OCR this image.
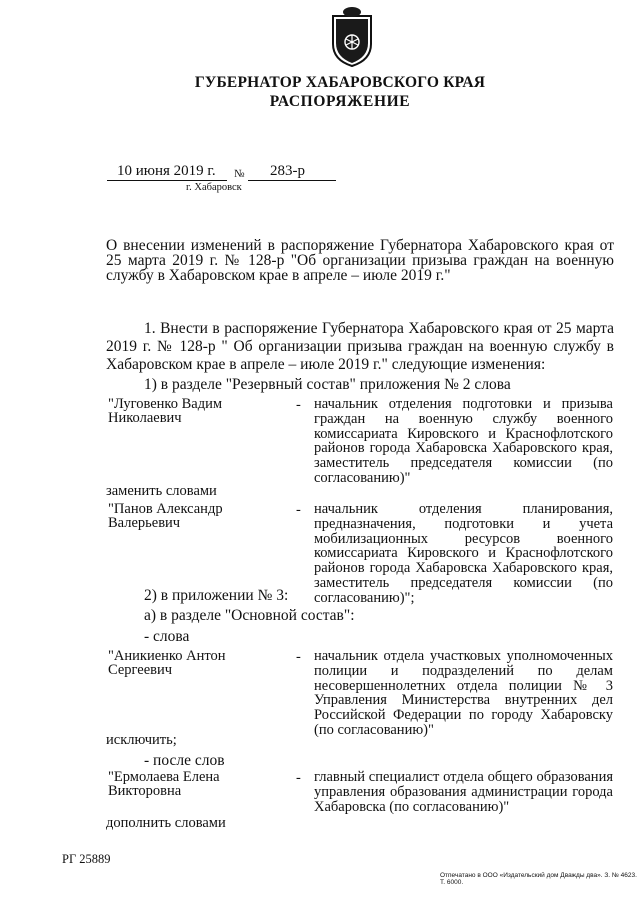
ГУБЕРНАТОР ХАБАРОВСКОГО КРАЯ
РАСПОРЯЖЕНИЕ
10 июня 2019 г. № 283-р
г. Хабаровск
О внесении изменений в распоряжение Губернатора Хабаровского края от 25 марта 2019 г. № 128-р "Об организации призыва граждан на военную службу в Хабаровском крае в апреле – июле 2019 г."
1. Внести в распоряжение Губернатора Хабаровского края от 25 марта 2019 г. № 128-р " Об организации призыва граждан на военную службу в Хабаровском крае в апреле – июле 2019 г." следующие изменения:
1) в разделе "Резервный состав" приложения № 2 слова
"Луговенко Вадим Николаевич
- начальник отделения подготовки и призыва граждан на военную службу военного комиссариата Кировского и Краснофлотского районов города Хабаровска Хабаровского края, заместитель председателя комиссии (по согласованию)"
заменить словами
"Панов Александр Валерьевич
- начальник отделения планирования, предназначения, подготовки и учета мобилизационных ресурсов военного комиссариата Кировского и Краснофлотского районов города Хабаровска Хабаровского края, заместитель председателя комиссии (по согласованию)";
2) в приложении № 3:
а) в разделе "Основной состав":
- слова
"Аникиенко Антон Сергеевич
- начальник отдела участковых уполномоченных полиции и подразделений по делам несовершеннолетних отдела полиции № 3 Управления Министерства внутренних дел Российской Федерации по городу Хабаровску (по согласованию)"
исключить;
- после слов
"Ермолаева Елена Викторовна
- главный специалист отдела общего образования управления образования администрации города Хабаровска (по согласованию)"
дополнить словами
РГ 25889
Отпечатано в ООО «Издательский дом Дважды два». З. № 4623. Т. 6000.
